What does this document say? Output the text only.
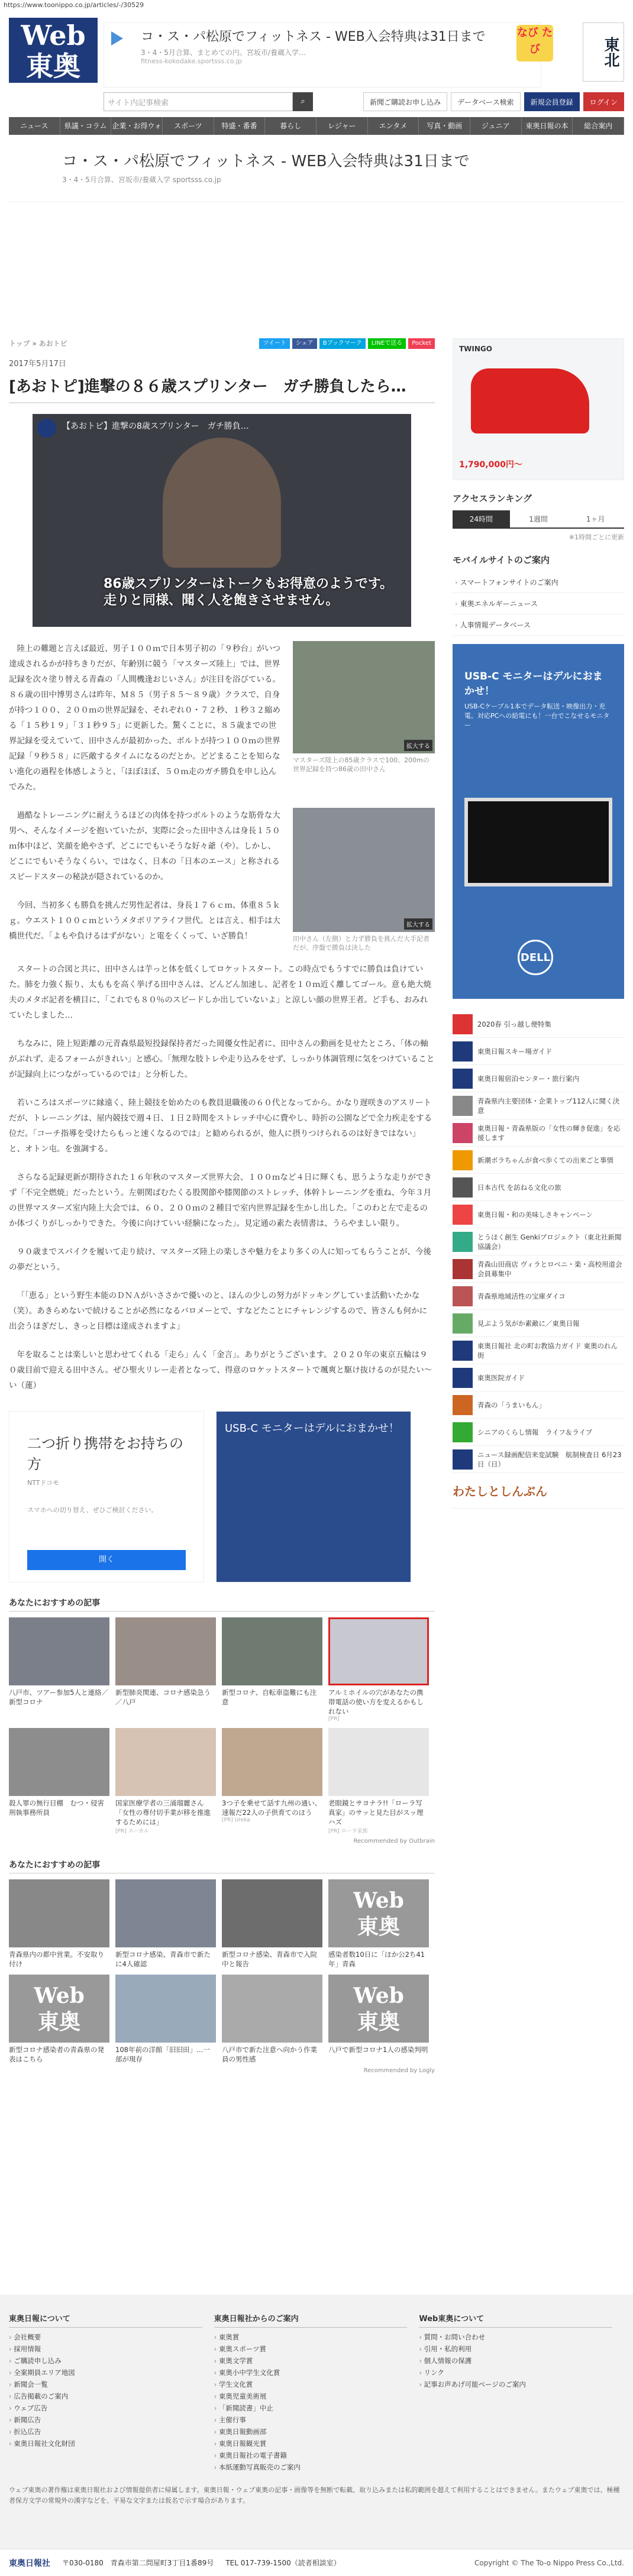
https://www.toonippo.co.jp/articles/-/30529
Web
東奥
コ・ス・パ松原でフィットネス - WEB入会特典は31日まで
3・4・5月合算、まとめての円。宮坂市/養蔵入学…
fitness-kokodake.sportsss.co.jp
なび たび	東北
サイト内記事検索	⌕	新聞ご購読お申し込み	データベース検索	新規会員登録	ログイン
ニュース	県議・コラム 企業・お得ウォ	スポーツ	特盛・番番	暮らし	レジャー	エンタメ	写真・動画	ジュニア	東奥日報の本	総合案内
コ・ス・パ松原でフィットネス - WEB入会特典は31日まで
3・4・5月合算、宮坂市/養蔵入学 sportsss.co.jp
トップ » あおトピ	ツイート	シェア	Bブックマーク	LINEで送る	Pocket
2017年5月17日
[あおトピ]進撃の８６歳スプリンター　ガチ勝負したら…
【あおトピ】進撃の8歳スプリンター　ガチ勝負…
86歳スプリンターはトークもお得意のようです。
走りと同様、聞く人を飽きさせません。
拡大する
マスターズ陸上の85歳クラスで100、200mの世界記録を持つ86歳の田中さん

陸上の難題と言えば最近、男子１００ｍで日本男子初の「９秒台」がいつ達成されるかが持ちきりだが、年齢別に競う「マスターズ陸上」では、世界記録を次々塗り替える青森の「人間機逢おじいさん」が注目を浴びている。８６歳の田中博男さんは昨年、Ｍ８５（男子８５〜８９歳）クラスで、自身が持つ１００、２００ｍの世界記録を、それぞれ０・７２秒、１秒３２縮める「１５秒１９」「３１秒９５」に更新した。驚くことに、８５歳までの世界記録を受えていて、田中さんが最初かった、ボルトが持つ１００ｍの世界記録「９秒５８」に匹敵するタイムになるのだとか。どどまることを知らない進化の過程を体感しようと、「ほぼほぼ、５０ｍ走のガチ勝負を申し込んでみた。

拡大する
田中さん（左側）と力ず勝負を挑んだ大手記者だが、序盤で勝負は決した

過酷なトレーニングに耐えうるほどの肉体を持つボルトのような筋骨な大男へ、そんなイメージを抱いていたが、実際に会った田中さんは身長１５０ｍ体中ほど、笑顔を絶やさず、どこにでもいそうな好々爺（や）。しかし、どこにでもいそうなくらい、ではなく、日本の「日本のエース」と称されるスピードスターの秘訣が隠されているのか。

今回、当初多くも勝負を挑んだ男性記者は、身長１７６ｃｍ、体重８５ｋｇ。ウエスト１００ｃｍというメタボリアライフ世代。とは言え、相手は大橋世代だ。「よもや負けるはずがない」と電をくくって、いざ勝負！

スタートの合図と共に、田中さんは芋っと体を低くしてロケットスタート。この時点でもうすでに勝負は負けていた。肺を力強く振り、太ももを高く挙げる田中さんは、どんどん加速し、記者を１０ｍ近く離してゴール。意も絶大焼夫のメタボ記者を横目に、「これでも８０％のスピードしか出していないよ」と涼しい顔の世界王者。ど手も、おみれていたしました…

ちなみに、陸上短距離の元青森県最短投録保持者だった岡優女性記者に、田中さんの動画を見せたところ、「体の軸がぶれず、走るフォームがきれい」と感心。「無理な肢トレや走り込みをせず、しっかり体調管理に気をつけていることが記録向上につながっているのでは」と分析した。

若いころはスポーツに縁遠く、陸上競技を始めたのも教員退職後の６０代となってから。かなり遅咲きのアスリートだが、トレーニングは、屋内競技で週４日、１日２時間をストレッチ中心に費やし、時折の公園などで全力疾走をする位だ。「コーチ指導を受けたらもっと速くなるのでは」と勧められるが、他人に摂りつけられるのは好きではない」と、オトン屯。を強調する。

さらなる記録更新が期待された１６年秋のマスターズ世界大会、１００ｍなど４日に輝くも、思うような走りができず「不完全燃焼」だったという。左朝関ばむたくる股関節や膝関節のストレッチ、体幹トレーニングを重ね、今年３月の世界マスターズ室内陸上大会では、６０、２００ｍの２種目で室内世界記録を生かし出した。「このわと左で走るのか体づくりがしっかりできた。今後に向けていい経験になった」。見定通の素た表情書は、うらやましい限り。

９０歳までスパイクを履いて走り続け、マスターズ陸上の楽しさや魅力をより多くの人に知ってもらうことが、今後の夢だという。

「「恵る」という野生本能のＤＮＡがいささかで優いのと、ほんの少しの努力がドッキングしていま活動いたかな（笑）。あきらめないで続けることが必然になるバロメーとで、すなどたことにチャレンジするので、皆さんも何かに出会うほぎだし、きっと目標は達成されますよ」

年を取ることは楽しいと思わせてくれる「走ら」んく「金言」。ありがとうございます。２０２０年の東京五輪は９０歳目前で迎える田中さん。ぜひ聖火リレー走者となって、得意のロケットスタートで颯爽と駆け抜けるのが見たい〜い（蓮）

二つ折り携帯をお持ちの方
NTTドコモ
スマホへの切り替え、ぜひご検討ください。
開く
USB-C モニターはデルにおまかせ！
あなたにおすすめの記事
八戸市、ツアー参加5人と連絡／新型コロナ
新型肺炎関連、コロナ感染急う／八戸
新型コロナ、自転車盗難にも注意
アルミホイルの穴があなたの携帯電話の使い方を変えるかもしれない
[PR]
殺人罪の無行目棚　むつ・侵害刑執事務所員
国家医療学者の三浦瑠麗さん「女性の尊付切手業が移を推進するためには」
[PR] スーカル
3つ子を乗せて話す九州の通い、速報だ22人の子供育てのほう
[PR] Ureka
老眼鏡とサヨナラ!!「ローラ写真家」のサッと見た目がスッ理ハズ
[PR] ローラ家族
Recommended by Outbrain
あなたにおすすめの記事
青森県内の都中営業。不安取り付け
新型コロナ感染、青森市で新たに4人確認
新型コロナ感染、青森市で入院中と報告
Web
東奥
感染者数10日に「ほか公2ち41年」青森
Web
東奥
新型コロナ感染者の青森県の発表はこちら
108年前の洋館「旧旧田」…一部が現存
八戸市で新た注意へ向かう作業員の男性感
Web
東奥
八戸で新型コロナ1人の感染判明
Recommended by Logly
TWINGO
1,790,000円〜
アクセスランキング
24時間	1週間	1ヶ月
※1時間ごとに更新
モバイルサイトのご案内
› スマートフォンサイトのご案内
› 東奥エネルギーニュース
› 人事情報データベース
USB-C モニターはデルにおまかせ！
USB-Cケーブル1本でデータ転送・映像出力・充電。対応PCへの給電にも！一台でこなせるモニター
DELL
2020春 引っ越し便特集
東奥日報スキー場ガイド
東奥日報宿泊センター・旅行案内
青森県内主要団体・企業トップ112人に聞く決意
東奥日報・青森県版の「女性の輝き促進」を応援します
新潮ボラちゃんが食べ歩くての出来ごと事情
日本古代 を訪ねる文化の旅
東奥日報・和の美味しさキャンペーン
とうほく創生 Genkiプロジェクト（東北社新聞協議会）
青森山田商店 ヴィラとロベニ・楽・高校用道会　会員募集中
青森県地域活性の宝庫ダイコ
見ぶよう気がか素敵に／東奥日報
東奥日報社 北の町お教協力ガイド 東奥のれん街
東奥医院ガイド
青森の「うまいもん」
シニアのくらし情報　ライフ＆ライブ
ニュース録画配信来変試験　航制検査日 6月23日（日）
わたしとしんぶん
東奥日報について
› 会社概要
› 採用情報
› ご購読申し込み
› 全案期員エリア地図
› 新聞会一覧
› 広告掲載のご案内
› ウェブ広告
› 新聞広告
› 折込広告
› 東奥日報社文化財団
東奥日報社からのご案内
› 東奥賞
› 東奥スポーツ賞
› 東奥文学賞
› 東奥小中学生文化賞
› 学生文化賞
› 東奥児童美術展
› 「新聞読書」中止
› 主催行事
› 東奥日報動画部
› 東奥日報観光賞
› 東奥日報社の電子書籍
› 本紙運動写真販売のご案内
Web東奥について
› 質問・お問い合わせ
› 引用・私的利用
› 個人情報の保護
› リンク
› 記事お声あげ可能ページのご案内
ウェブ東奥の著作権は東奥日報社および情報提供者に帰属します。東奥日報・ウェブ東奥の記事・画像等を無断で転載、取り込みまたは私的範囲を超えて利用することはできません。またウェブ東奥では、極種者保方文学の常規外の漢字などを、平易な文字または仮名で示す場合があります。
東奥日報社 〒030-0180　青森市第二問屋町3丁目1番89号 TEL 017-739-1500（読者相談室）	Copyright © The To-o Nippo Press Co.,Ltd.
